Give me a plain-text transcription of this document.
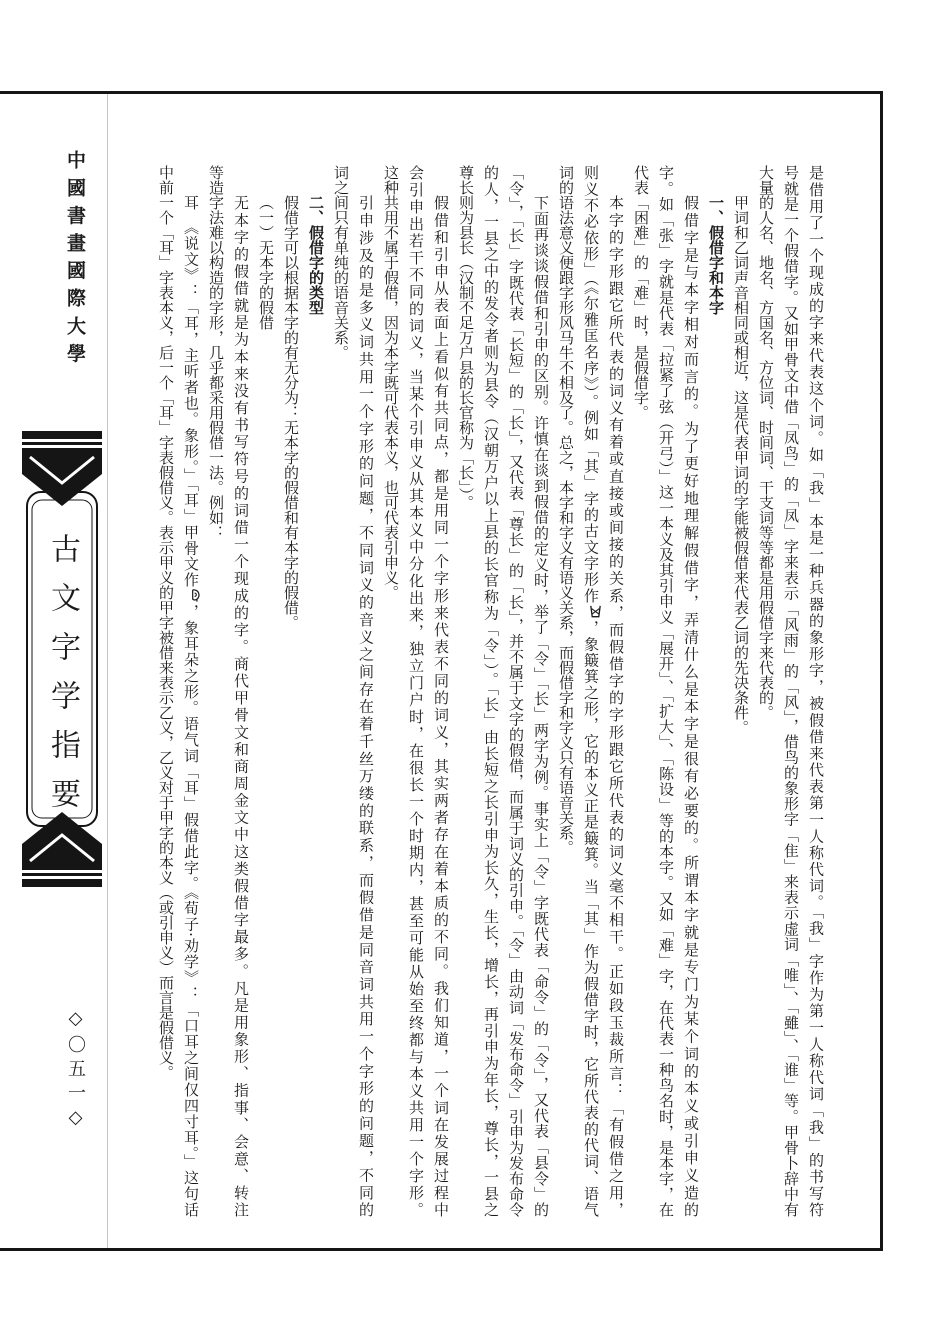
中國書畫國際大學
古文字学指要
◇〇五一◇	是借用了一个现成的字来代表这个词。如「我」本是一种兵器的象形字，被假借来代表第一人称代词。「我」字作为第一人称代词「我」的书写符

号就是一个假借字。又如甲骨文中借「凤鸟」的「凤」字来表示「风雨」的「风」，借鸟的象形字「隹」来表示虚词「唯」、「雖」、「谁」等。甲骨卜辞中有

大量的人名、地名、方国名、方位词、时间词、干支词等等都是用假借字来代表的。

甲词和乙词声音相同或相近，这是代表甲词的字能被假借来代表乙词的先决条件。

一、假借字和本字

假借字是与本字相对而言的。为了更好地理解假借字，弄清什么是本字是很有必要的。所谓本字就是专门为某个词的本义或引申义造的

字。如「张」字就是代表「拉紧了弦（开弓）」这一本义及其引申义「展开」、「扩大」、「陈设」等的本字。又如「难」字，在代表一种鸟名时，是本字，在

代表「困难」的「难」时，是假借字。

本字的字形跟它所代表的词义有着或直接或间接的关系，而假借字的字形跟它所代表的词义毫不相干。正如段玉裁所言：「有假借之用，

则义不必依形」（《尔雅匡名序》）。例如「其」字的古文字形作，象簸箕之形，它的本义正是簸箕。当「其」作为假借字时，它所代表的代词、语气

词的语法意义便跟字形风马牛不相及了。总之，本字和字义有语义关系，而假借字和字义只有语音关系。

下面再谈谈假借和引申的区别。许慎在谈到假借的定义时，举了「令」「长」两字为例。事实上「令」字既代表「命令」的「令」，又代表「县令」的

「令」，「长」字既代表「长短」的「长」，又代表「尊长」的「长」，并不属于文字的假借，而属于词义的引申。「令」由动词「发布命令」引申为发布命令

的人，一县之中的发令者则为县令（汉朝万户以上县的长官称为「令」）。「长」由长短之长引申为长久，生长，增长，再引申为年长，尊长，一县之

尊长则为县长（汉制不足万户县的长官称为「长」）。

假借和引申从表面上看似有共同点，都是用同一个字形来代表不同的词义，其实两者存在着本质的不同。我们知道，一个词在发展过程中

会引申出若干不同的词义，当某个引申义从其本义中分化出来，独立门户时，在很长一个时期内，甚至可能从始至终都与本义共用一个字形。

这种共用不属于假借，因为本字既可代表本义，也可代表引申义。

引申涉及的是多义词共用一个字形的问题，不同词义的音义之间存在着千丝万缕的联系，而假借是同音词共用一个字形的问题，不同的

词之间只有单纯的语音关系。

二、假借字的类型

假借字可以根据本字的有无分为：无本字的假借和有本字的假借。

（一）无本字的假借

无本字的假借就是为本来没有书写符号的词借一个现成的字。商代甲骨文和商周金文中这类假借字最多。凡是用象形、指事、会意、转注

等造字法难以构造的字形，几乎都采用假借一法。例如：

耳　《说文》：「耳，主听者也。象形。」「耳」甲骨文作，象耳朵之形。语气词「耳」假借此字。《荀子·劝学》：「口耳之间仅四寸耳。」这句话

中前一个「耳」字表本义，后一个「耳」字表假借义。表示甲义的甲字被借来表示乙义，乙义对于甲字的本义（或引申义）而言是假借义。
